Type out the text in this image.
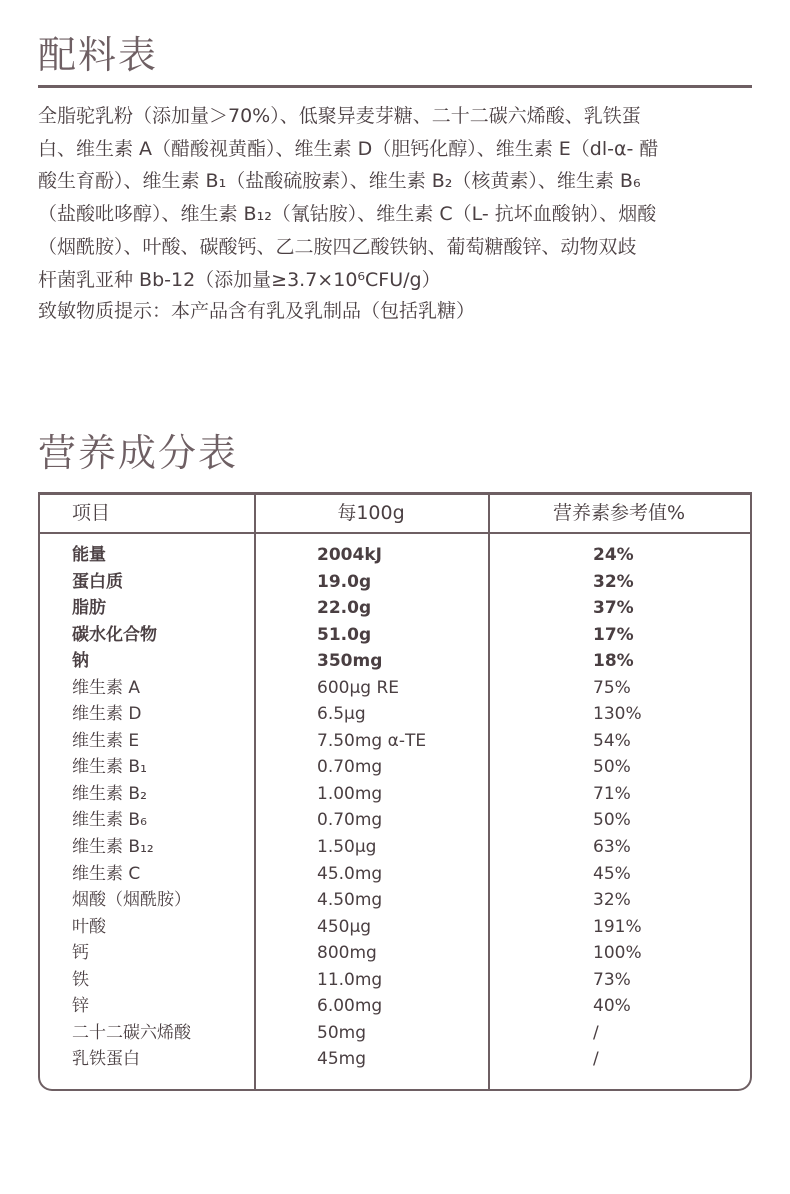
配料表

全脂驼乳粉（添加量＞70%）、低聚异麦芽糖、二十二碳六烯酸、乳铁蛋

白、维生素 A（醋酸视黄酯）、维生素 D（胆钙化醇）、维生素 E（dl-α- 醋

酸生育酚）、维生素 B₁（盐酸硫胺素）、维生素 B₂（核黄素）、维生素 B₆

（盐酸吡哆醇）、维生素 B₁₂（氰钴胺）、维生素 C（L- 抗坏血酸钠）、烟酸

（烟酰胺）、叶酸、碳酸钙、乙二胺四乙酸铁钠、葡萄糖酸锌、动物双歧

杆菌乳亚种 Bb-12（添加量≥3.7×10⁶CFU/g）

致敏物质提示：本产品含有乳及乳制品（包括乳糖）
营养成分表
项目	每100g	营养素参考值%
能量	2004kJ	24%
蛋白质	19.0g	32%
脂肪	22.0g	37%
碳水化合物	51.0g	17%
钠	350mg	18%
维生素 A	600μg RE	75%
维生素 D	6.5μg	130%
维生素 E	7.50mg α-TE	54%
维生素 B₁	0.70mg	50%
维生素 B₂	1.00mg	71%
维生素 B₆	0.70mg	50%
维生素 B₁₂	1.50μg	63%
维生素 C	45.0mg	45%
烟酸（烟酰胺）	4.50mg	32%
叶酸	450μg	191%
钙	800mg	100%
铁	11.0mg	73%
锌	6.00mg	40%
二十二碳六烯酸	50mg	/
乳铁蛋白	45mg	/
